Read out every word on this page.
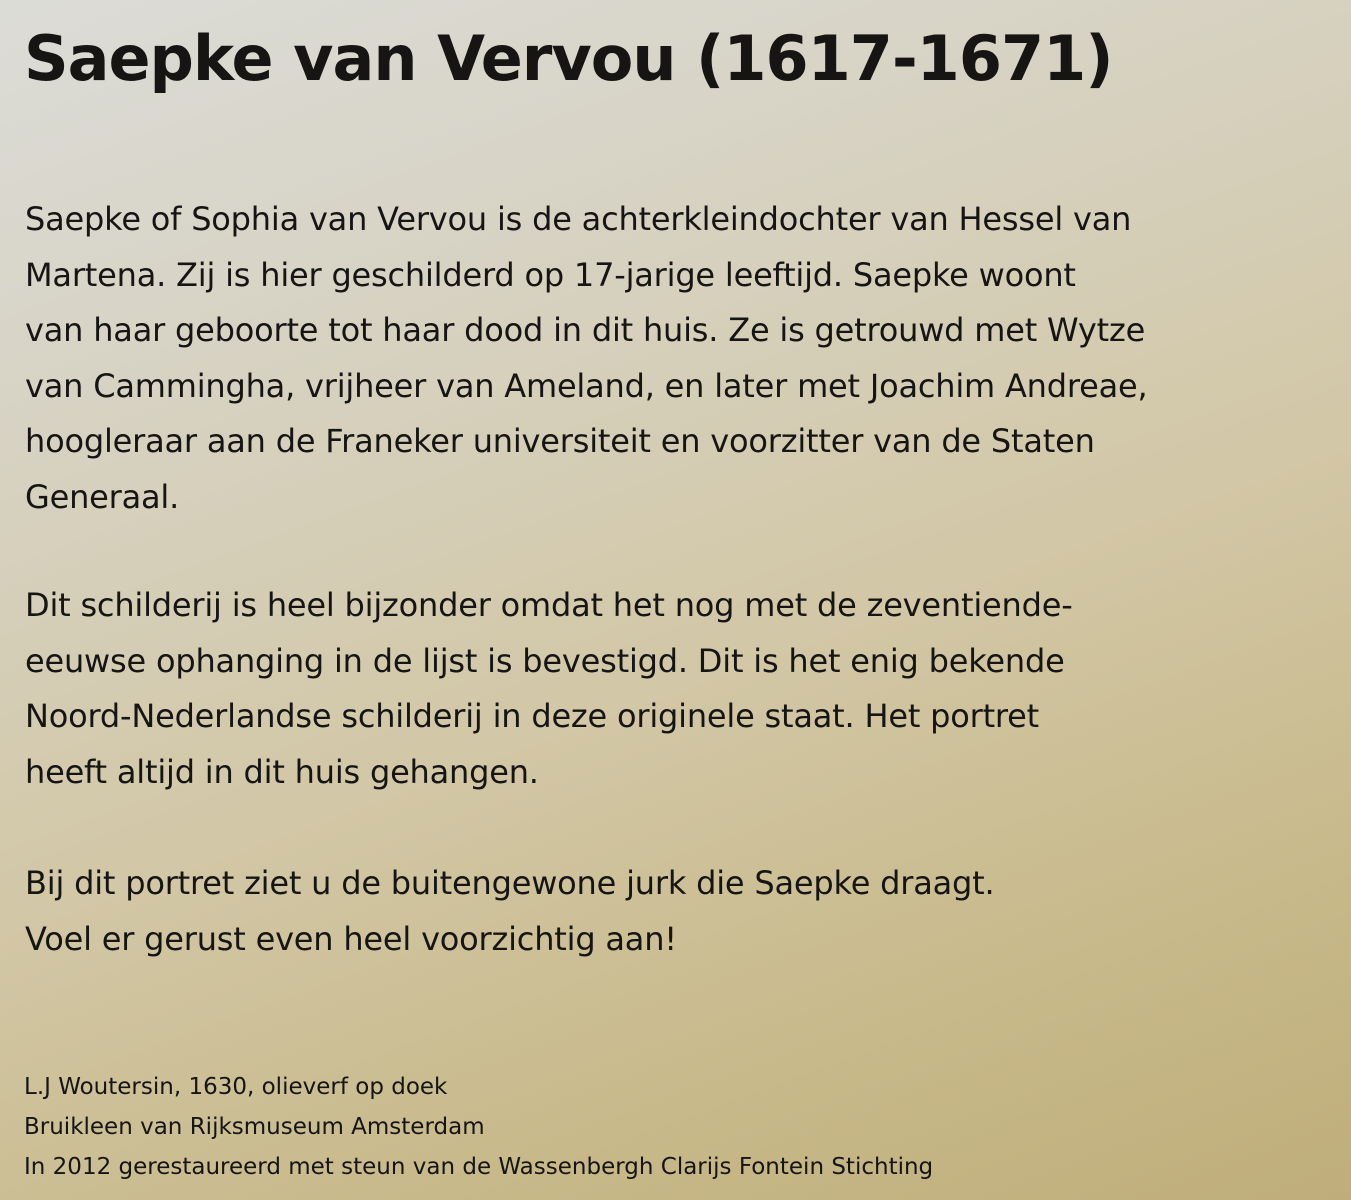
Saepke van Vervou (1617-1671)

Saepke of Sophia van Vervou is de achterkleindochter van Hessel van
Martena. Zij is hier geschilderd op 17-jarige leeftijd. Saepke woont
van haar geboorte tot haar dood in dit huis. Ze is getrouwd met Wytze
van Cammingha, vrijheer van Ameland, en later met Joachim Andreae,
hoogleraar aan de Franeker universiteit en voorzitter van de Staten
Generaal.

Dit schilderij is heel bijzonder omdat het nog met de zeventiende-
eeuwse ophanging in de lijst is bevestigd. Dit is het enig bekende
Noord-Nederlandse schilderij in deze originele staat. Het portret
heeft altijd in dit huis gehangen.

Bij dit portret ziet u de buitengewone jurk die Saepke draagt.
Voel er gerust even heel voorzichtig aan!

L.J Woutersin, 1630, olieverf op doek
Bruikleen van Rijksmuseum Amsterdam
In 2012 gerestaureerd met steun van de Wassenbergh Clarijs Fontein Stichting
